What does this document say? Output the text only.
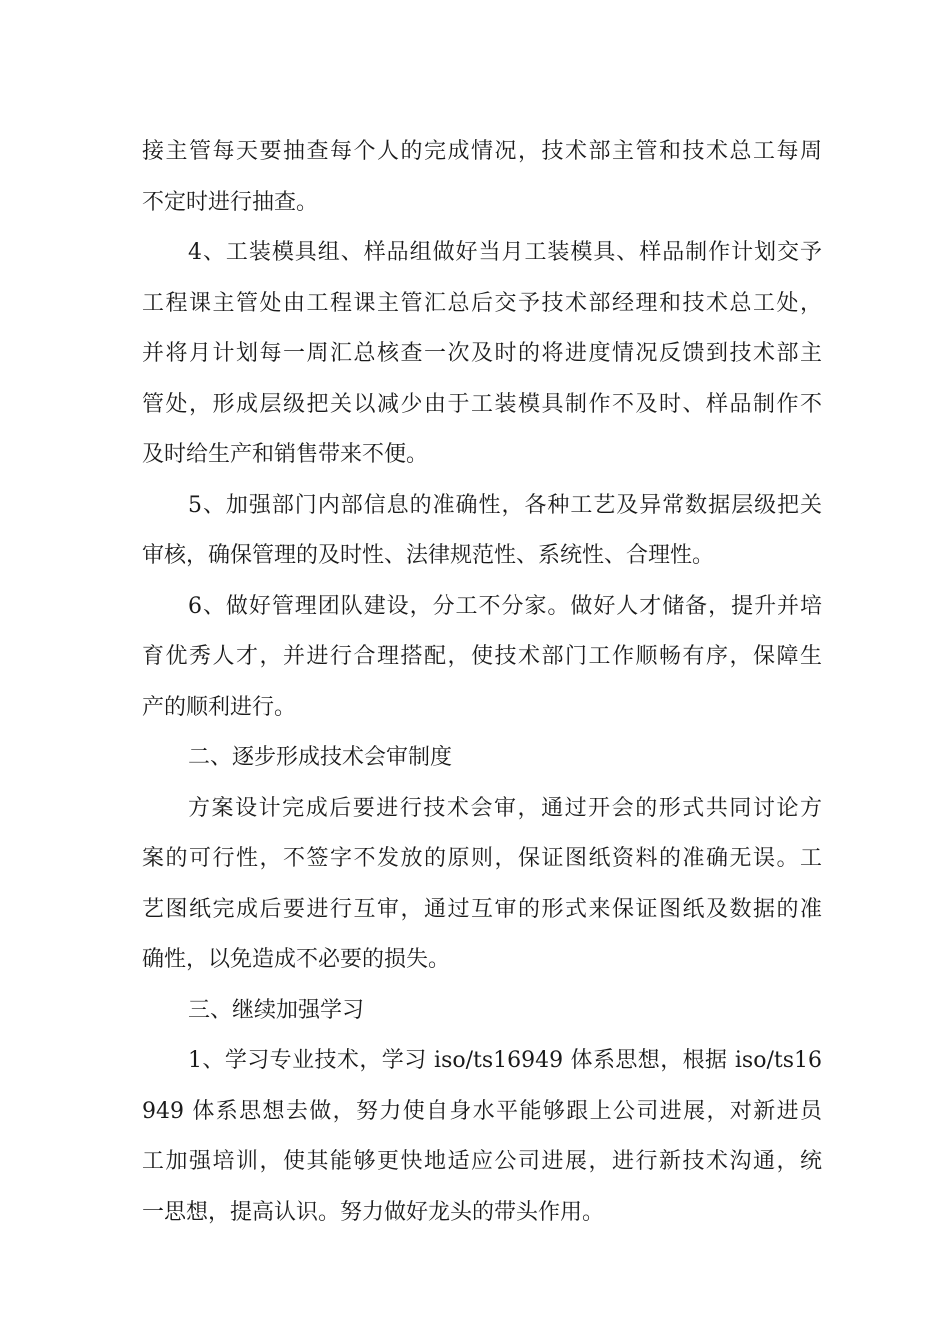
接主管每天要抽查每个人的完成情况，技术部主管和技术总工每周
不定时进行抽查。
4、工装模具组、样品组做好当月工装模具、样品制作计划交予
工程课主管处由工程课主管汇总后交予技术部经理和技术总工处，
并将月计划每一周汇总核查一次及时的将进度情况反馈到技术部主
管处，形成层级把关以减少由于工装模具制作不及时、样品制作不
及时给生产和销售带来不便。
5、加强部门内部信息的准确性，各种工艺及异常数据层级把关
审核，确保管理的及时性、法律规范性、系统性、合理性。
6、做好管理团队建设，分工不分家。做好人才储备，提升并培
育优秀人才，并进行合理搭配，使技术部门工作顺畅有序，保障生
产的顺利进行。
二、逐步形成技术会审制度
方案设计完成后要进行技术会审，通过开会的形式共同讨论方
案的可行性，不签字不发放的原则，保证图纸资料的准确无误。工
艺图纸完成后要进行互审，通过互审的形式来保证图纸及数据的准
确性，以免造成不必要的损失。
三、继续加强学习
1、学习专业技术，学习 iso/ts16949 体系思想，根据 iso/ts16
949 体系思想去做，努力使自身水平能够跟上公司进展，对新进员
工加强培训，使其能够更快地适应公司进展，进行新技术沟通，统
一思想，提高认识。努力做好龙头的带头作用。
